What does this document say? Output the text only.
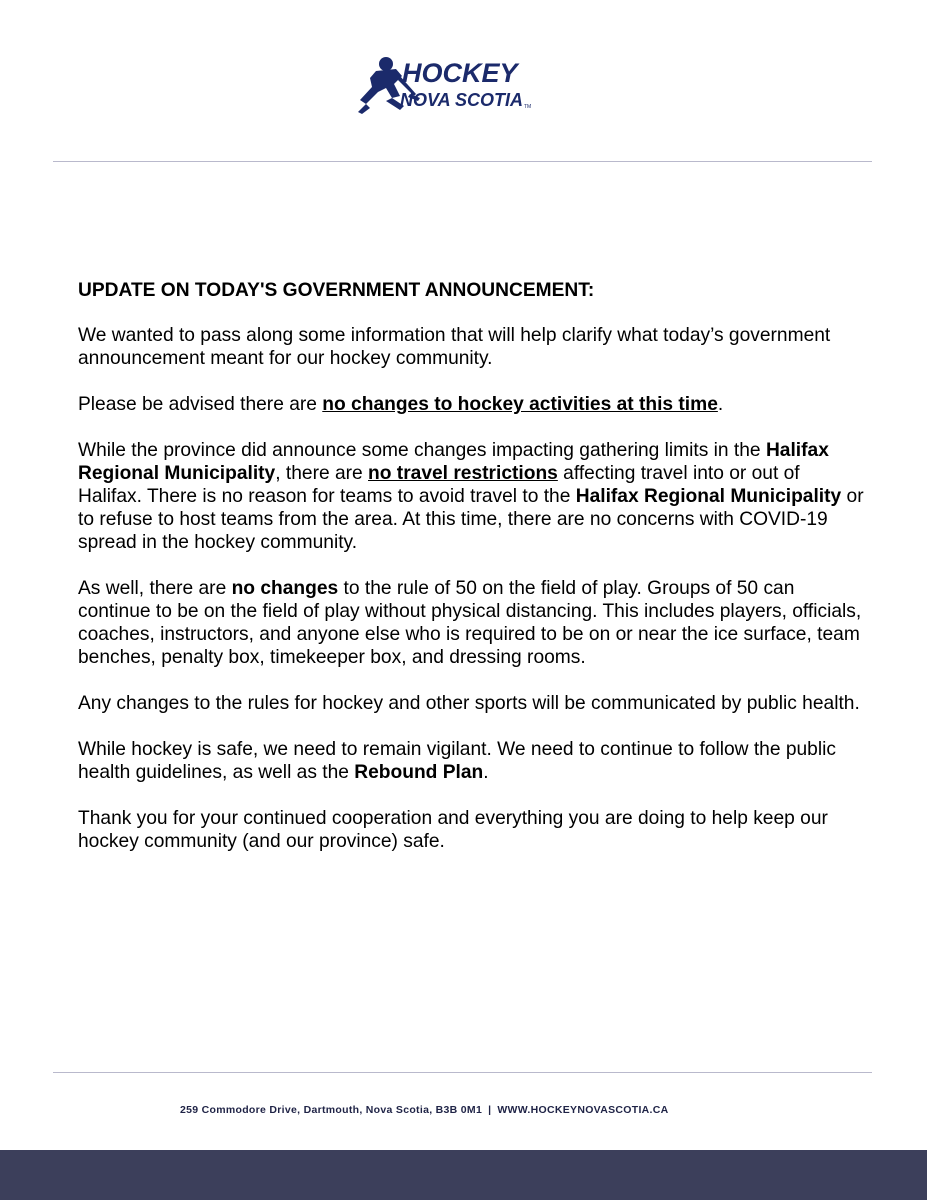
HOCKEY
NOVA SCOTIA TM
UPDATE ON TODAY'S GOVERNMENT ANNOUNCEMENT:

We wanted to pass along some information that will help clarify what today’s government announcement meant for our hockey community.

Please be advised there are no changes to hockey activities at this time.

While the province did announce some changes impacting gathering limits in the Halifax Regional Municipality, there are no travel restrictions affecting travel into or out of Halifax. There is no reason for teams to avoid travel to the Halifax Regional Municipality or to refuse to host teams from the area. At this time, there are no concerns with COVID-19 spread in the hockey community.

As well, there are no changes to the rule of 50 on the field of play. Groups of 50 can continue to be on the field of play without physical distancing. This includes players, officials, coaches, instructors, and anyone else who is required to be on or near the ice surface, team benches, penalty box, timekeeper box, and dressing rooms.

Any changes to the rules for hockey and other sports will be communicated by public health.

While hockey is safe, we need to remain vigilant. We need to continue to follow the public health guidelines, as well as the Rebound Plan.

Thank you for your continued cooperation and everything you are doing to help keep our hockey community (and our province) safe.

259 Commodore Drive, Dartmouth, Nova Scotia, B3B 0M1 | WWW.HOCKEYNOVASCOTIA.CA
